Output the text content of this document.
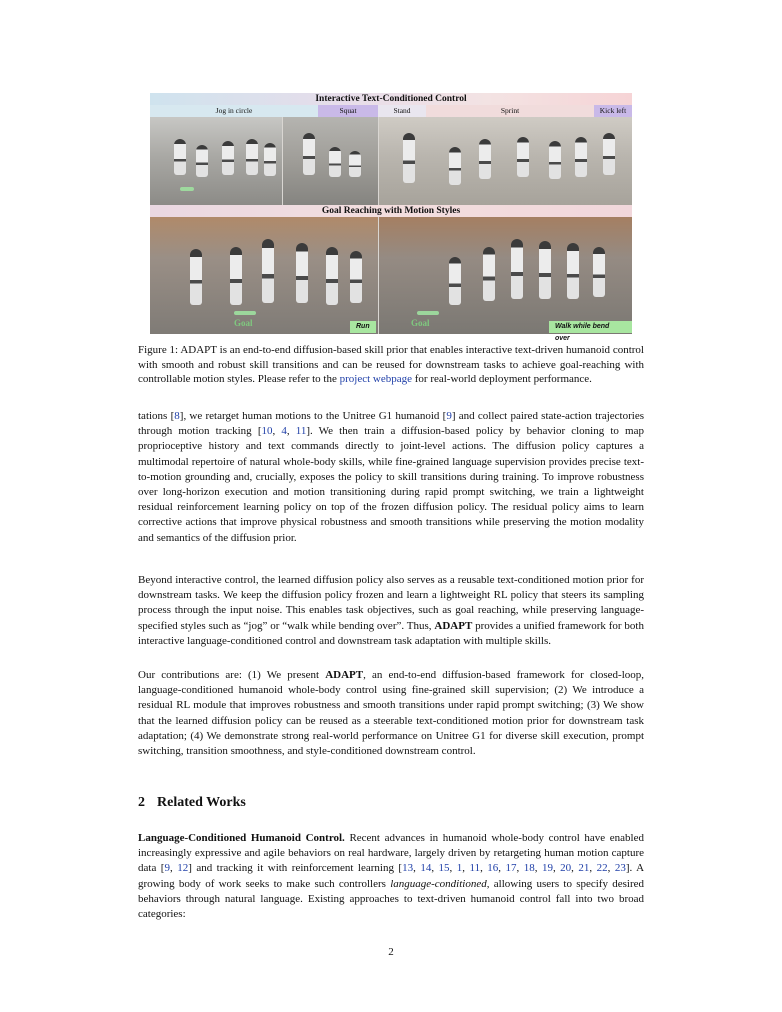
Interactive Text-Conditioned Control
Jog in circle	Squat	Stand	Sprint	Kick left
Goal Reaching with Motion Styles
Goal	Run	Goal	Walk while bend over
Figure 1: ADAPT is an end-to-end diffusion-based skill prior that enables interactive text-driven humanoid control with smooth and robust skill transitions and can be reused for downstream tasks to achieve goal-reaching with controllable motion styles. Please refer to the project webpage for real-world deployment performance.

tations [8], we retarget human motions to the Unitree G1 humanoid [9] and collect paired state-action trajectories through motion tracking [10, 4, 11]. We then train a diffusion-based policy by behavior cloning to map proprioceptive history and text commands directly to joint-level actions. The diffusion policy captures a multimodal repertoire of natural whole-body skills, while fine-grained language supervision provides precise text-to-motion grounding and, crucially, exposes the policy to skill transitions during training. To improve robustness over long-horizon execution and motion transitioning during rapid prompt switching, we train a lightweight residual reinforcement learning policy on top of the frozen diffusion policy. The residual policy aims to learn corrective actions that improve physical robustness and smooth transitions while preserving the motion modality and semantics of the diffusion prior.

Beyond interactive control, the learned diffusion policy also serves as a reusable text-conditioned motion prior for downstream tasks. We keep the diffusion policy frozen and learn a lightweight RL policy that steers its sampling process through the input noise. This enables task objectives, such as goal reaching, while preserving language-specified styles such as “jog” or “walk while bending over”. Thus, ADAPT provides a unified framework for both interactive language-conditioned control and downstream task adaptation with multiple skills.

Our contributions are: (1) We present ADAPT, an end-to-end diffusion-based framework for closed-loop, language-conditioned humanoid whole-body control using fine-grained skill supervision; (2) We introduce a residual RL module that improves robustness and smooth transitions under rapid prompt switching; (3) We show that the learned diffusion policy can be reused as a steerable text-conditioned motion prior for downstream task adaptation; (4) We demonstrate strong real-world performance on Unitree G1 for diverse skill execution, prompt switching, transition smoothness, and style-conditioned downstream control.

2 Related Works

Language-Conditioned Humanoid Control. Recent advances in humanoid whole-body control have enabled increasingly expressive and agile behaviors on real hardware, largely driven by retargeting human motion capture data [9, 12] and tracking it with reinforcement learning [13, 14, 15, 1, 11, 16, 17, 18, 19, 20, 21, 22, 23]. A growing body of work seeks to make such controllers language-conditioned, allowing users to specify desired behaviors through natural language. Existing approaches to text-driven humanoid control fall into two broad categories:

2
